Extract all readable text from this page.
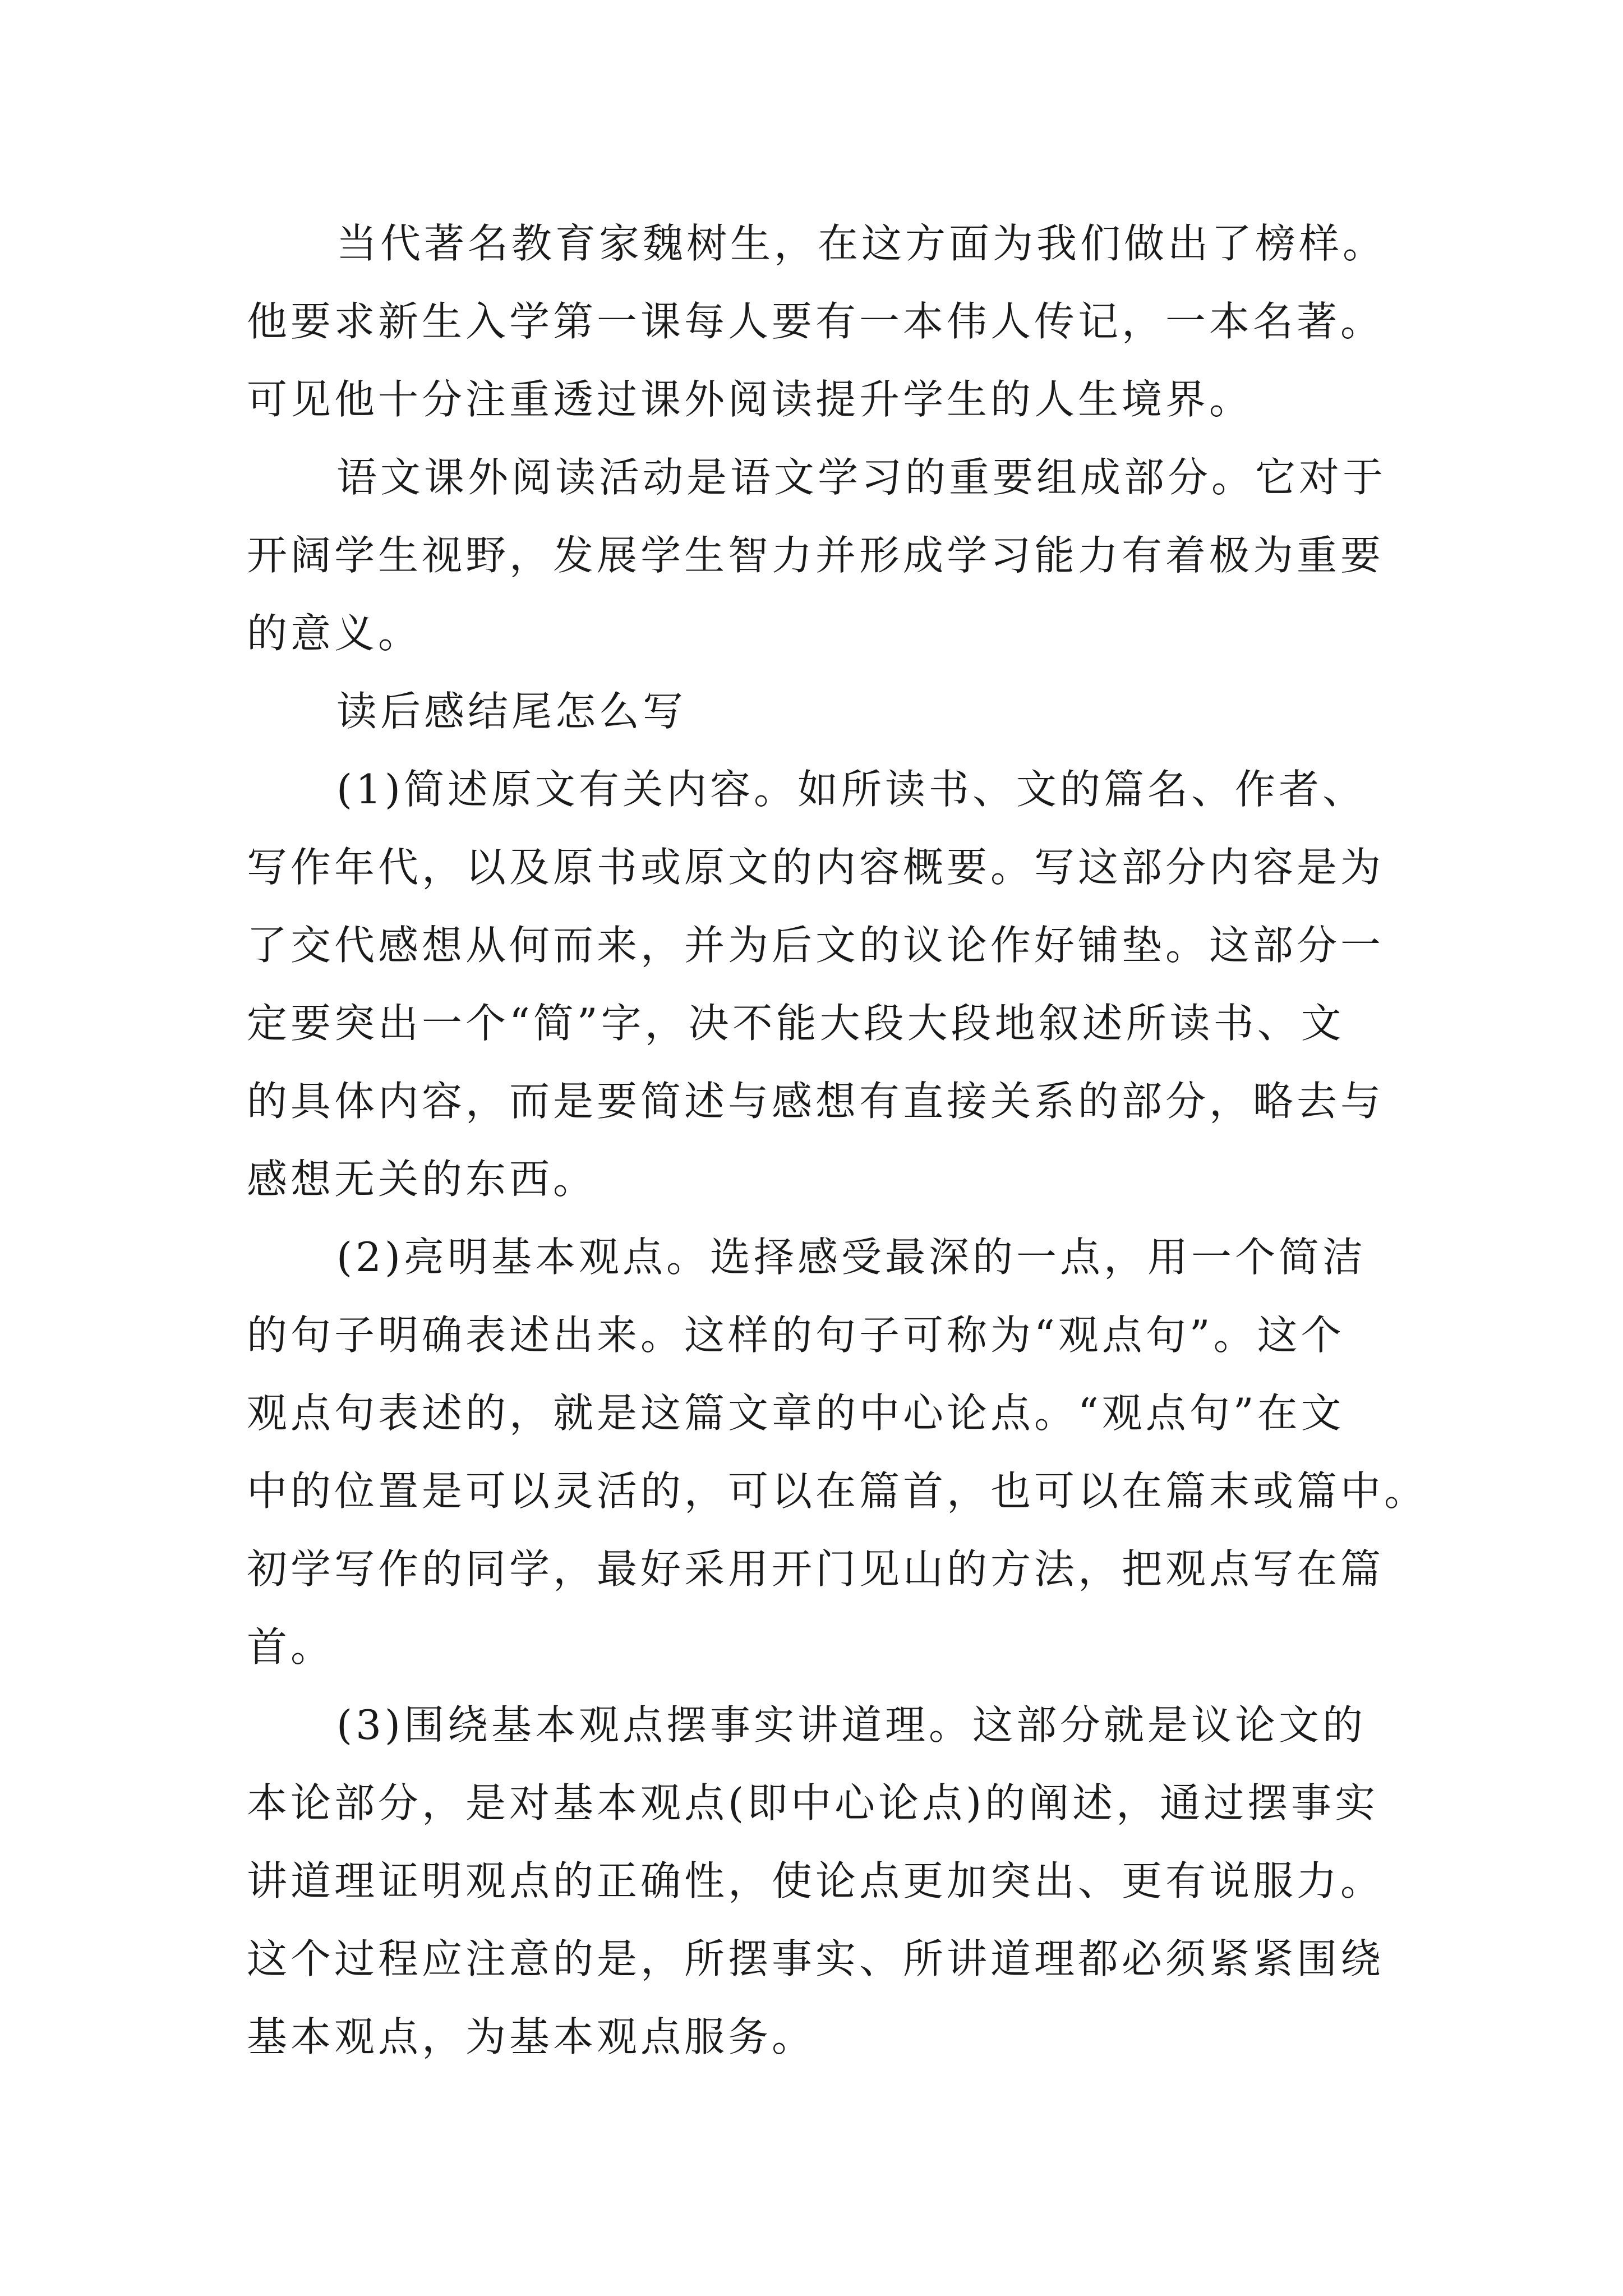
当代著名教育家魏树生，在这方面为我们做出了榜样。
他要求新生入学第一课每人要有一本伟人传记，一本名著。
可见他十分注重透过课外阅读提升学生的人生境界。
语文课外阅读活动是语文学习的重要组成部分。它对于
开阔学生视野，发展学生智力并形成学习能力有着极为重要
的意义。
读后感结尾怎么写
(1)简述原文有关内容。如所读书、文的篇名、作者、
写作年代，以及原书或原文的内容概要。写这部分内容是为
了交代感想从何而来，并为后文的议论作好铺垫。这部分一
定要突出一个“简”字，决不能大段大段地叙述所读书、文
的具体内容，而是要简述与感想有直接关系的部分，略去与
感想无关的东西。
(2)亮明基本观点。选择感受最深的一点，用一个简洁
的句子明确表述出来。这样的句子可称为“观点句”。这个
观点句表述的，就是这篇文章的中心论点。“观点句”在文
中的位置是可以灵活的，可以在篇首，也可以在篇末或篇中。
初学写作的同学，最好采用开门见山的方法，把观点写在篇
首。
(3)围绕基本观点摆事实讲道理。这部分就是议论文的
本论部分，是对基本观点(即中心论点)的阐述，通过摆事实
讲道理证明观点的正确性，使论点更加突出、更有说服力。
这个过程应注意的是，所摆事实、所讲道理都必须紧紧围绕
基本观点，为基本观点服务。
